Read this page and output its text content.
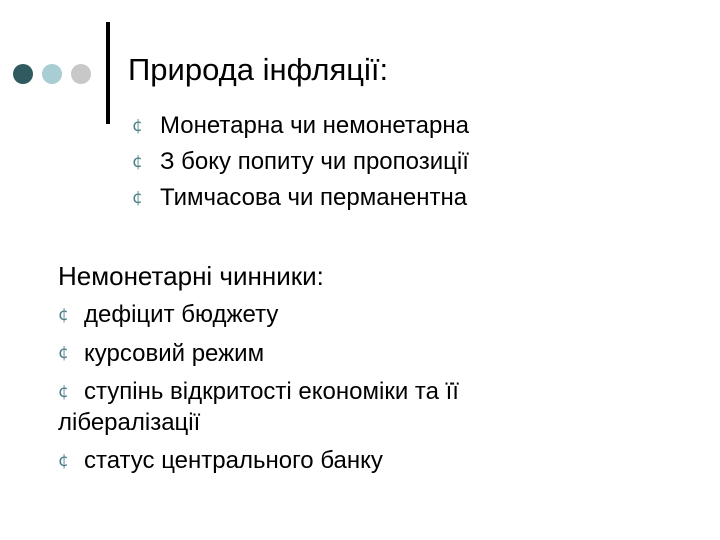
Природа інфляції:
¢ Монетарна чи немонетарна
¢ З боку попиту чи пропозиції
¢ Тимчасова чи перманентна
Немонетарні чинники:
¢ дефіцит бюджету
¢ курсовий режим
¢ ступінь відкритості економіки та її лібералізації
¢ статус центрального банку
